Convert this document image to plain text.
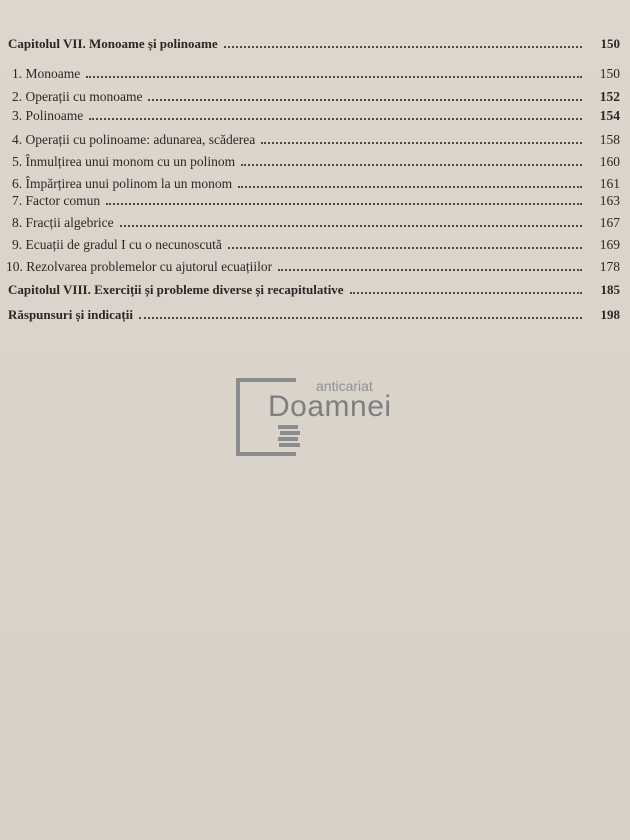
Capitolul VII. Monoame și polinoame	150
1. Monoame	150
2. Operații cu monoame	152
3. Polinoame	154
4. Operații cu polinoame: adunarea, scăderea	158
5. Înmulțirea unui monom cu un polinom	160
6. Împărțirea unui polinom la un monom	161
7. Factor comun	163
8. Fracții algebrice	167
9. Ecuații de gradul I cu o necunoscută	169
10. Rezolvarea problemelor cu ajutorul ecuațiilor	178
Capitolul VIII. Exerciții și probleme diverse și recapitulative	185
Răspunsuri și indicații	198
anticariat
Doamnei
